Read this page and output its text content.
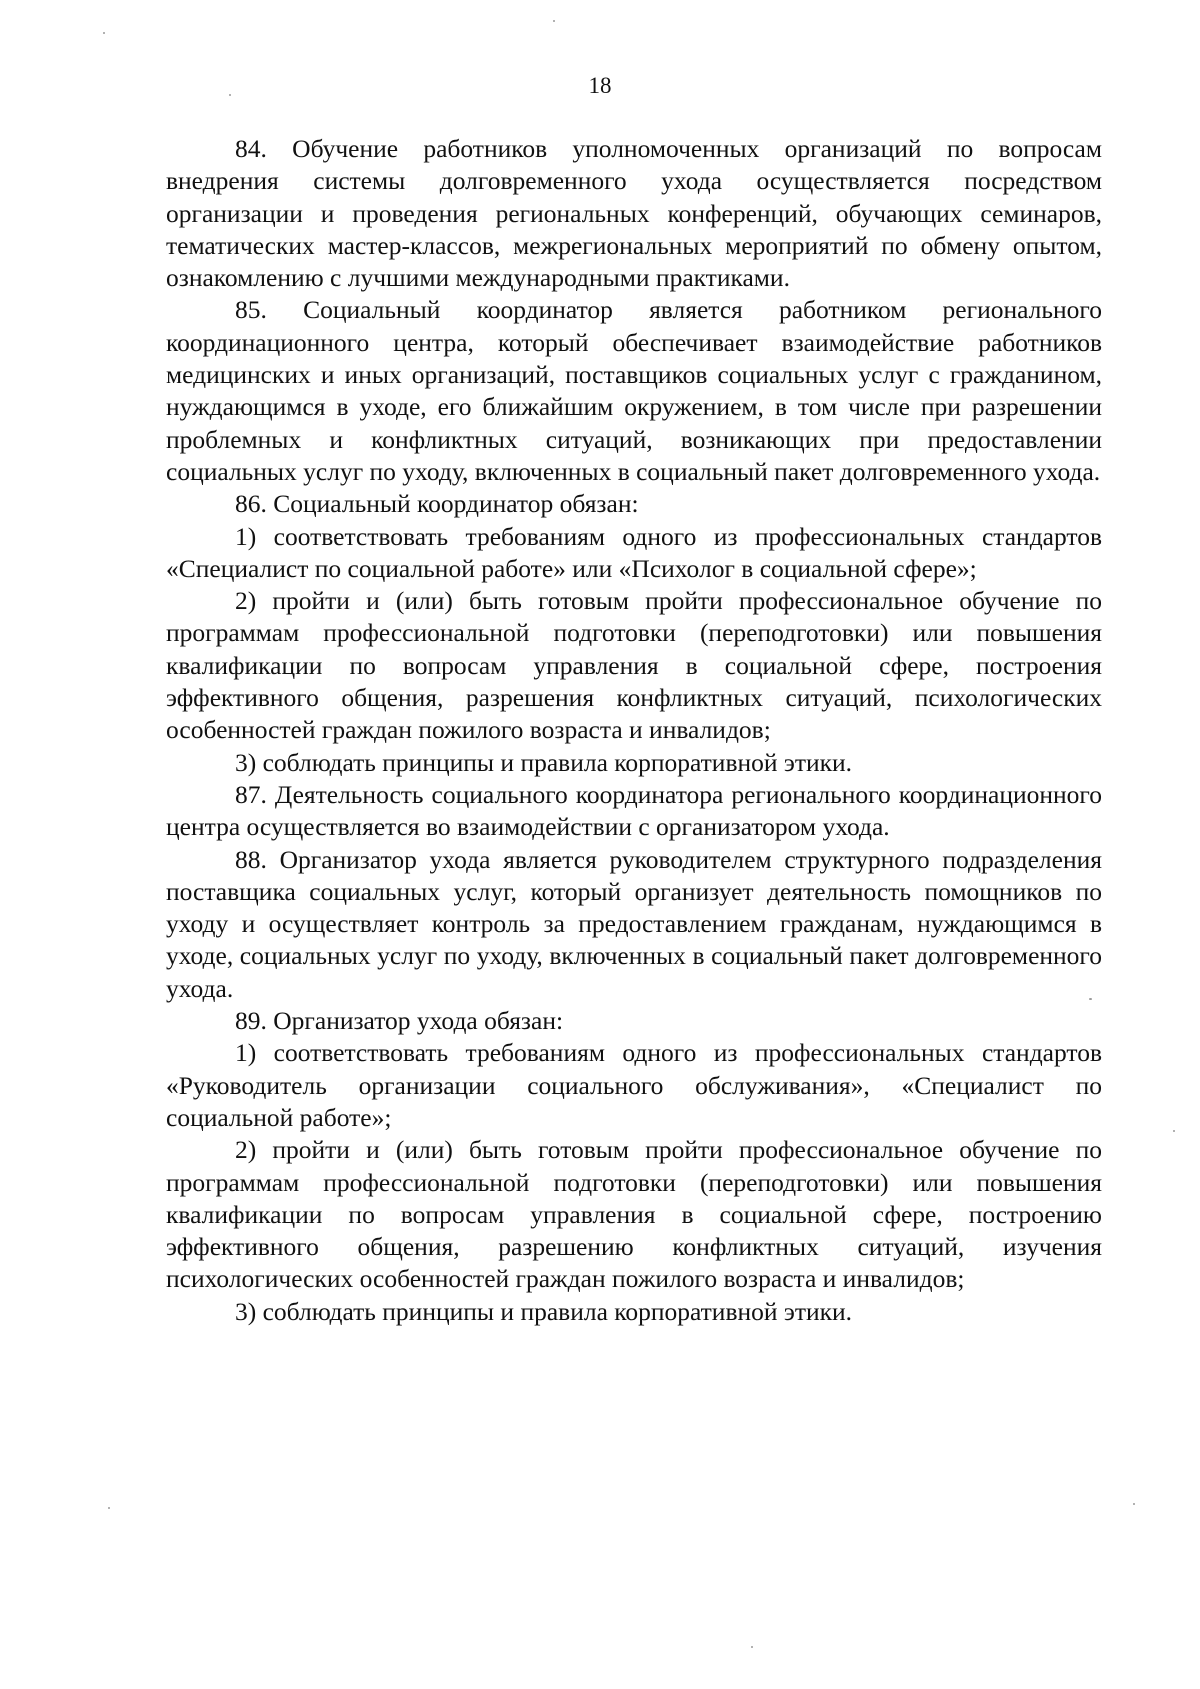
18

84. Обучение работников уполномоченных организаций по вопросам внедрения системы долговременного ухода осуществляется посредством организации и проведения региональных конференций, обучающих семинаров, тематических мастер-классов, межрегиональных мероприятий по обмену опытом, ознакомлению с лучшими международными практиками.

85. Социальный координатор является работником регионального координационного центра, который обеспечивает взаимодействие работников медицинских и иных организаций, поставщиков социальных услуг с гражданином, нуждающимся в уходе, его ближайшим окружением, в том числе при разрешении проблемных и конфликтных ситуаций, возникающих при предоставлении социальных услуг по уходу, включенных в социальный пакет долговременного ухода.

86. Социальный координатор обязан:

1) соответствовать требованиям одного из профессиональных стандартов «Специалист по социальной работе» или «Психолог в социальной сфере»;

2) пройти и (или) быть готовым пройти профессиональное обучение по программам профессиональной подготовки (переподготовки) или повышения квалификации по вопросам управления в социальной сфере, построения эффективного общения, разрешения конфликтных ситуаций, психологических особенностей граждан пожилого возраста и инвалидов;

3) соблюдать принципы и правила корпоративной этики.

87. Деятельность социального координатора регионального координационного центра осуществляется во взаимодействии с организатором ухода.

88. Организатор ухода является руководителем структурного подразделения поставщика социальных услуг, который организует деятельность помощников по уходу и осуществляет контроль за предоставлением гражданам, нуждающимся в уходе, социальных услуг по уходу, включенных в социальный пакет долговременного ухода.

89. Организатор ухода обязан:

1) соответствовать требованиям одного из профессиональных стандартов «Руководитель организации социального обслуживания», «Специалист по социальной работе»;

2) пройти и (или) быть готовым пройти профессиональное обучение по программам профессиональной подготовки (переподготовки) или повышения квалификации по вопросам управления в социальной сфере, построению эффективного общения, разрешению конфликтных ситуаций, изучения психологических особенностей граждан пожилого возраста и инвалидов;

3) соблюдать принципы и правила корпоративной этики.
